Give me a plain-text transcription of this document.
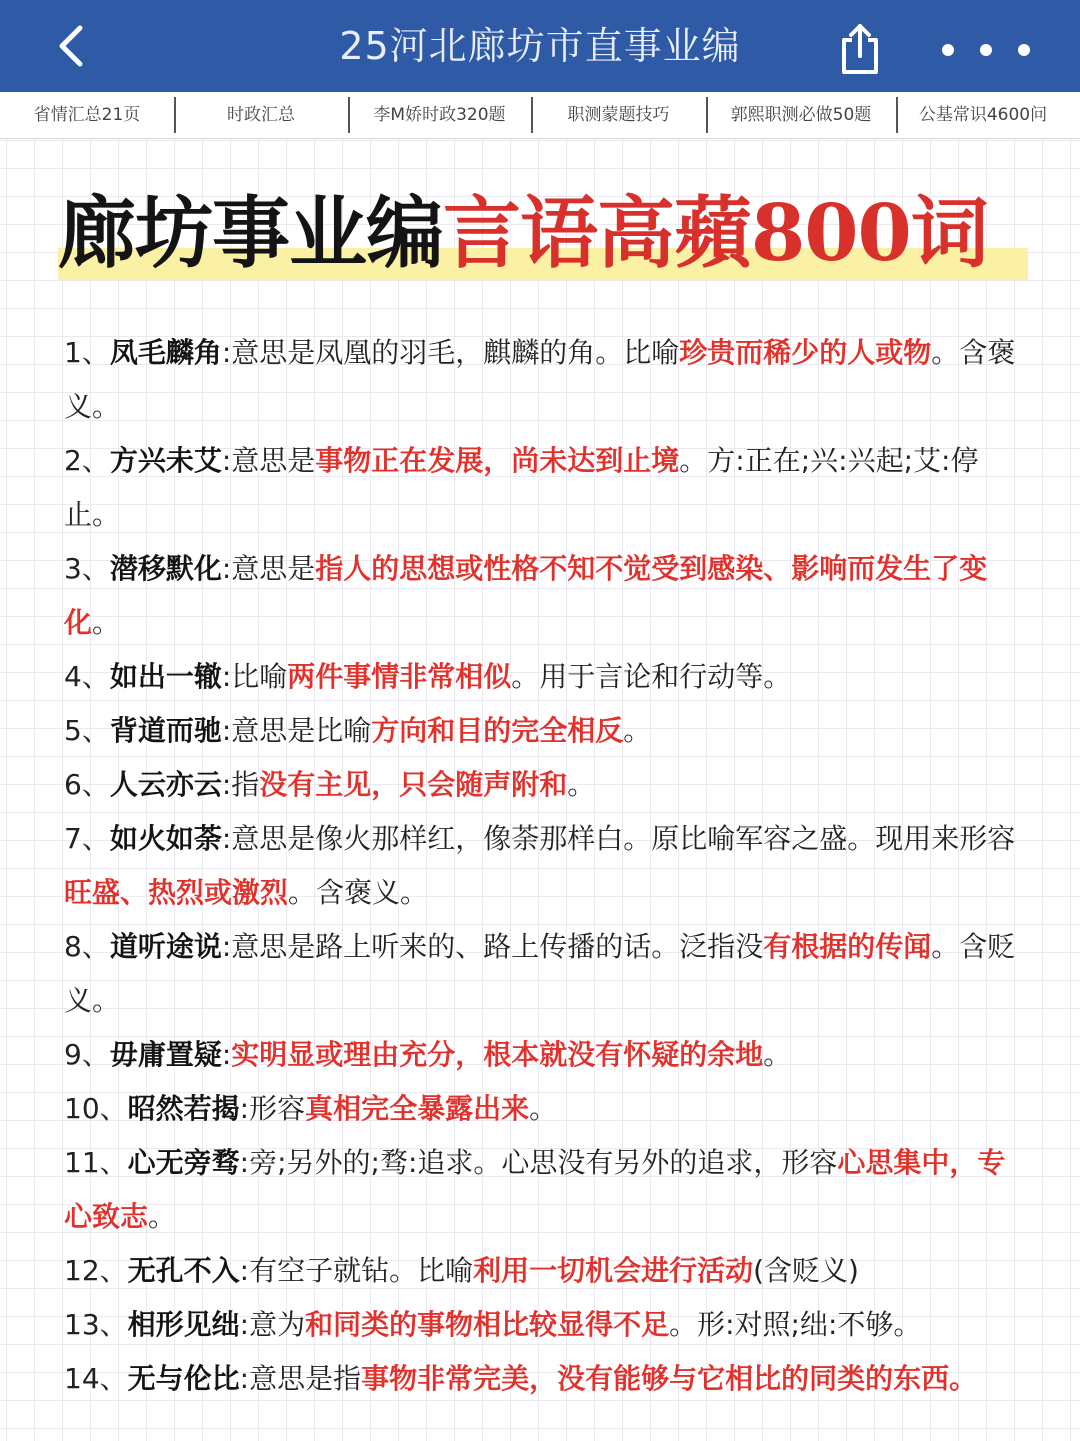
25河北廊坊市直事业编
省情汇总21页	时政汇总	李M娇时政320题	职测蒙题技巧	郭熙职测必做50题	公基常识4600问
廊坊事业编言语高蘋800词

1、凤毛麟角:意思是凤凰的羽毛，麒麟的角。比喻珍贵而稀少的人或物。含褒义。

2、方兴未艾:意思是事物正在发展，尚未达到止境。方:正在;兴:兴起;艾:停止。

3、潜移默化:意思是指人的思想或性格不知不觉受到感染、影响而发生了变化。

4、如出一辙:比喻两件事情非常相似。用于言论和行动等。

5、背道而驰:意思是比喻方向和目的完全相反。

6、人云亦云:指没有主见，只会随声附和。

7、如火如荼:意思是像火那样红，像荼那样白。原比喻军容之盛。现用来形容旺盛、热烈或激烈。含褒义。

8、道听途说:意思是路上听来的、路上传播的话。泛指没有根据的传闻。含贬义。

9、毋庸置疑:实明显或理由充分，根本就没有怀疑的余地。

10、昭然若揭:形容真相完全暴露出来。

11、心无旁骛:旁;另外的;骛:追求。心思没有另外的追求，形容心思集中，专心致志。

12、无孔不入:有空子就钻。比喻利用一切机会进行活动(含贬义)

13、相形见绌:意为和同类的事物相比较显得不足。形:对照;绌:不够。

14、无与伦比:意思是指事物非常完美，没有能够与它相比的同类的东西。
